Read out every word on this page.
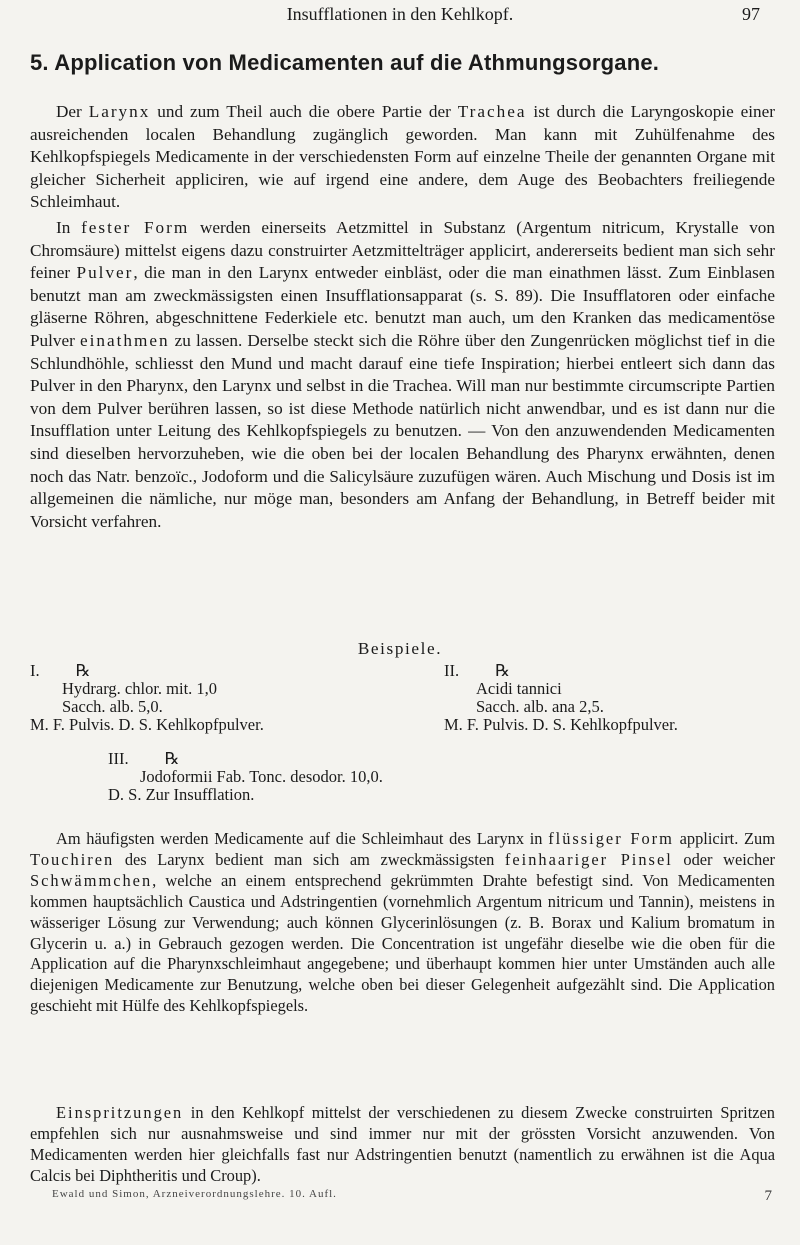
Insufflationen in den Kehlkopf.	97
5. Application von Medicamenten auf die Athmungsorgane.

Der Larynx und zum Theil auch die obere Partie der Trachea ist durch die Laryngoskopie einer ausreichenden localen Behandlung zugänglich geworden. Man kann mit Zuhülfenahme des Kehlkopfspiegels Medicamente in der verschiedensten Form auf einzelne Theile der genannten Organe mit gleicher Sicherheit appliciren, wie auf irgend eine andere, dem Auge des Beobachters freiliegende Schleimhaut.

In fester Form werden einerseits Aetzmittel in Substanz (Argentum nitricum, Krystalle von Chromsäure) mittelst eigens dazu construirter Aetzmittelträger applicirt, andererseits bedient man sich sehr feiner Pulver, die man in den Larynx entweder einbläst, oder die man einathmen lässt. Zum Einblasen benutzt man am zweckmässigsten einen Insufflationsapparat (s. S. 89). Die Insufflatoren oder einfache gläserne Röhren, abgeschnittene Federkiele etc. benutzt man auch, um den Kranken das medicamentöse Pulver einathmen zu lassen. Derselbe steckt sich die Röhre über den Zungenrücken möglichst tief in die Schlundhöhle, schliesst den Mund und macht darauf eine tiefe Inspiration; hierbei entleert sich dann das Pulver in den Pharynx, den Larynx und selbst in die Trachea. Will man nur bestimmte circumscripte Partien von dem Pulver berühren lassen, so ist diese Methode natürlich nicht anwendbar, und es ist dann nur die Insufflation unter Leitung des Kehlkopfspiegels zu benutzen. — Von den anzuwendenden Medicamenten sind dieselben hervorzuheben, wie die oben bei der localen Behandlung des Pharynx erwähnten, denen noch das Natr. benzoïc., Jodoform und die Salicylsäure zuzufügen wären. Auch Mischung und Dosis ist im allgemeinen die nämliche, nur möge man, besonders am Anfang der Behandlung, in Betreff beider mit Vorsicht verfahren.

Beispiele.
I. ℞
Hydrarg. chlor. mit. 1,0
Sacch. alb. 5,0.
M. F. Pulvis. D. S. Kehlkopfpulver.
II. ℞
Acidi tannici
Sacch. alb. ana 2,5.
M. F. Pulvis. D. S. Kehlkopfpulver.
III. ℞
Jodoformii Fab. Tonc. desodor. 10,0.
D. S. Zur Insufflation.

Am häufigsten werden Medicamente auf die Schleimhaut des Larynx in flüssiger Form applicirt. Zum Touchiren des Larynx bedient man sich am zweckmässigsten feinhaariger Pinsel oder weicher Schwämmchen, welche an einem entsprechend gekrümmten Drahte befestigt sind. Von Medicamenten kommen hauptsächlich Caustica und Adstringentien (vornehmlich Argentum nitricum und Tannin), meistens in wässeriger Lösung zur Verwendung; auch können Glycerinlösungen (z. B. Borax und Kalium bromatum in Glycerin u. a.) in Gebrauch gezogen werden. Die Concentration ist ungefähr dieselbe wie die oben für die Application auf die Pharynxschleimhaut angegebene; und überhaupt kommen hier unter Umständen auch alle diejenigen Medicamente zur Benutzung, welche oben bei dieser Gelegenheit aufgezählt sind. Die Application geschieht mit Hülfe des Kehlkopfspiegels.

Einspritzungen in den Kehlkopf mittelst der verschiedenen zu diesem Zwecke construirten Spritzen empfehlen sich nur ausnahmsweise und sind immer nur mit der grössten Vorsicht anzuwenden. Von Medicamenten werden hier gleichfalls fast nur Adstringentien benutzt (namentlich zu erwähnen ist die Aqua Calcis bei Diphtheritis und Croup).

Ewald und Simon, Arzneiverordnungslehre. 10. Aufl.	7
